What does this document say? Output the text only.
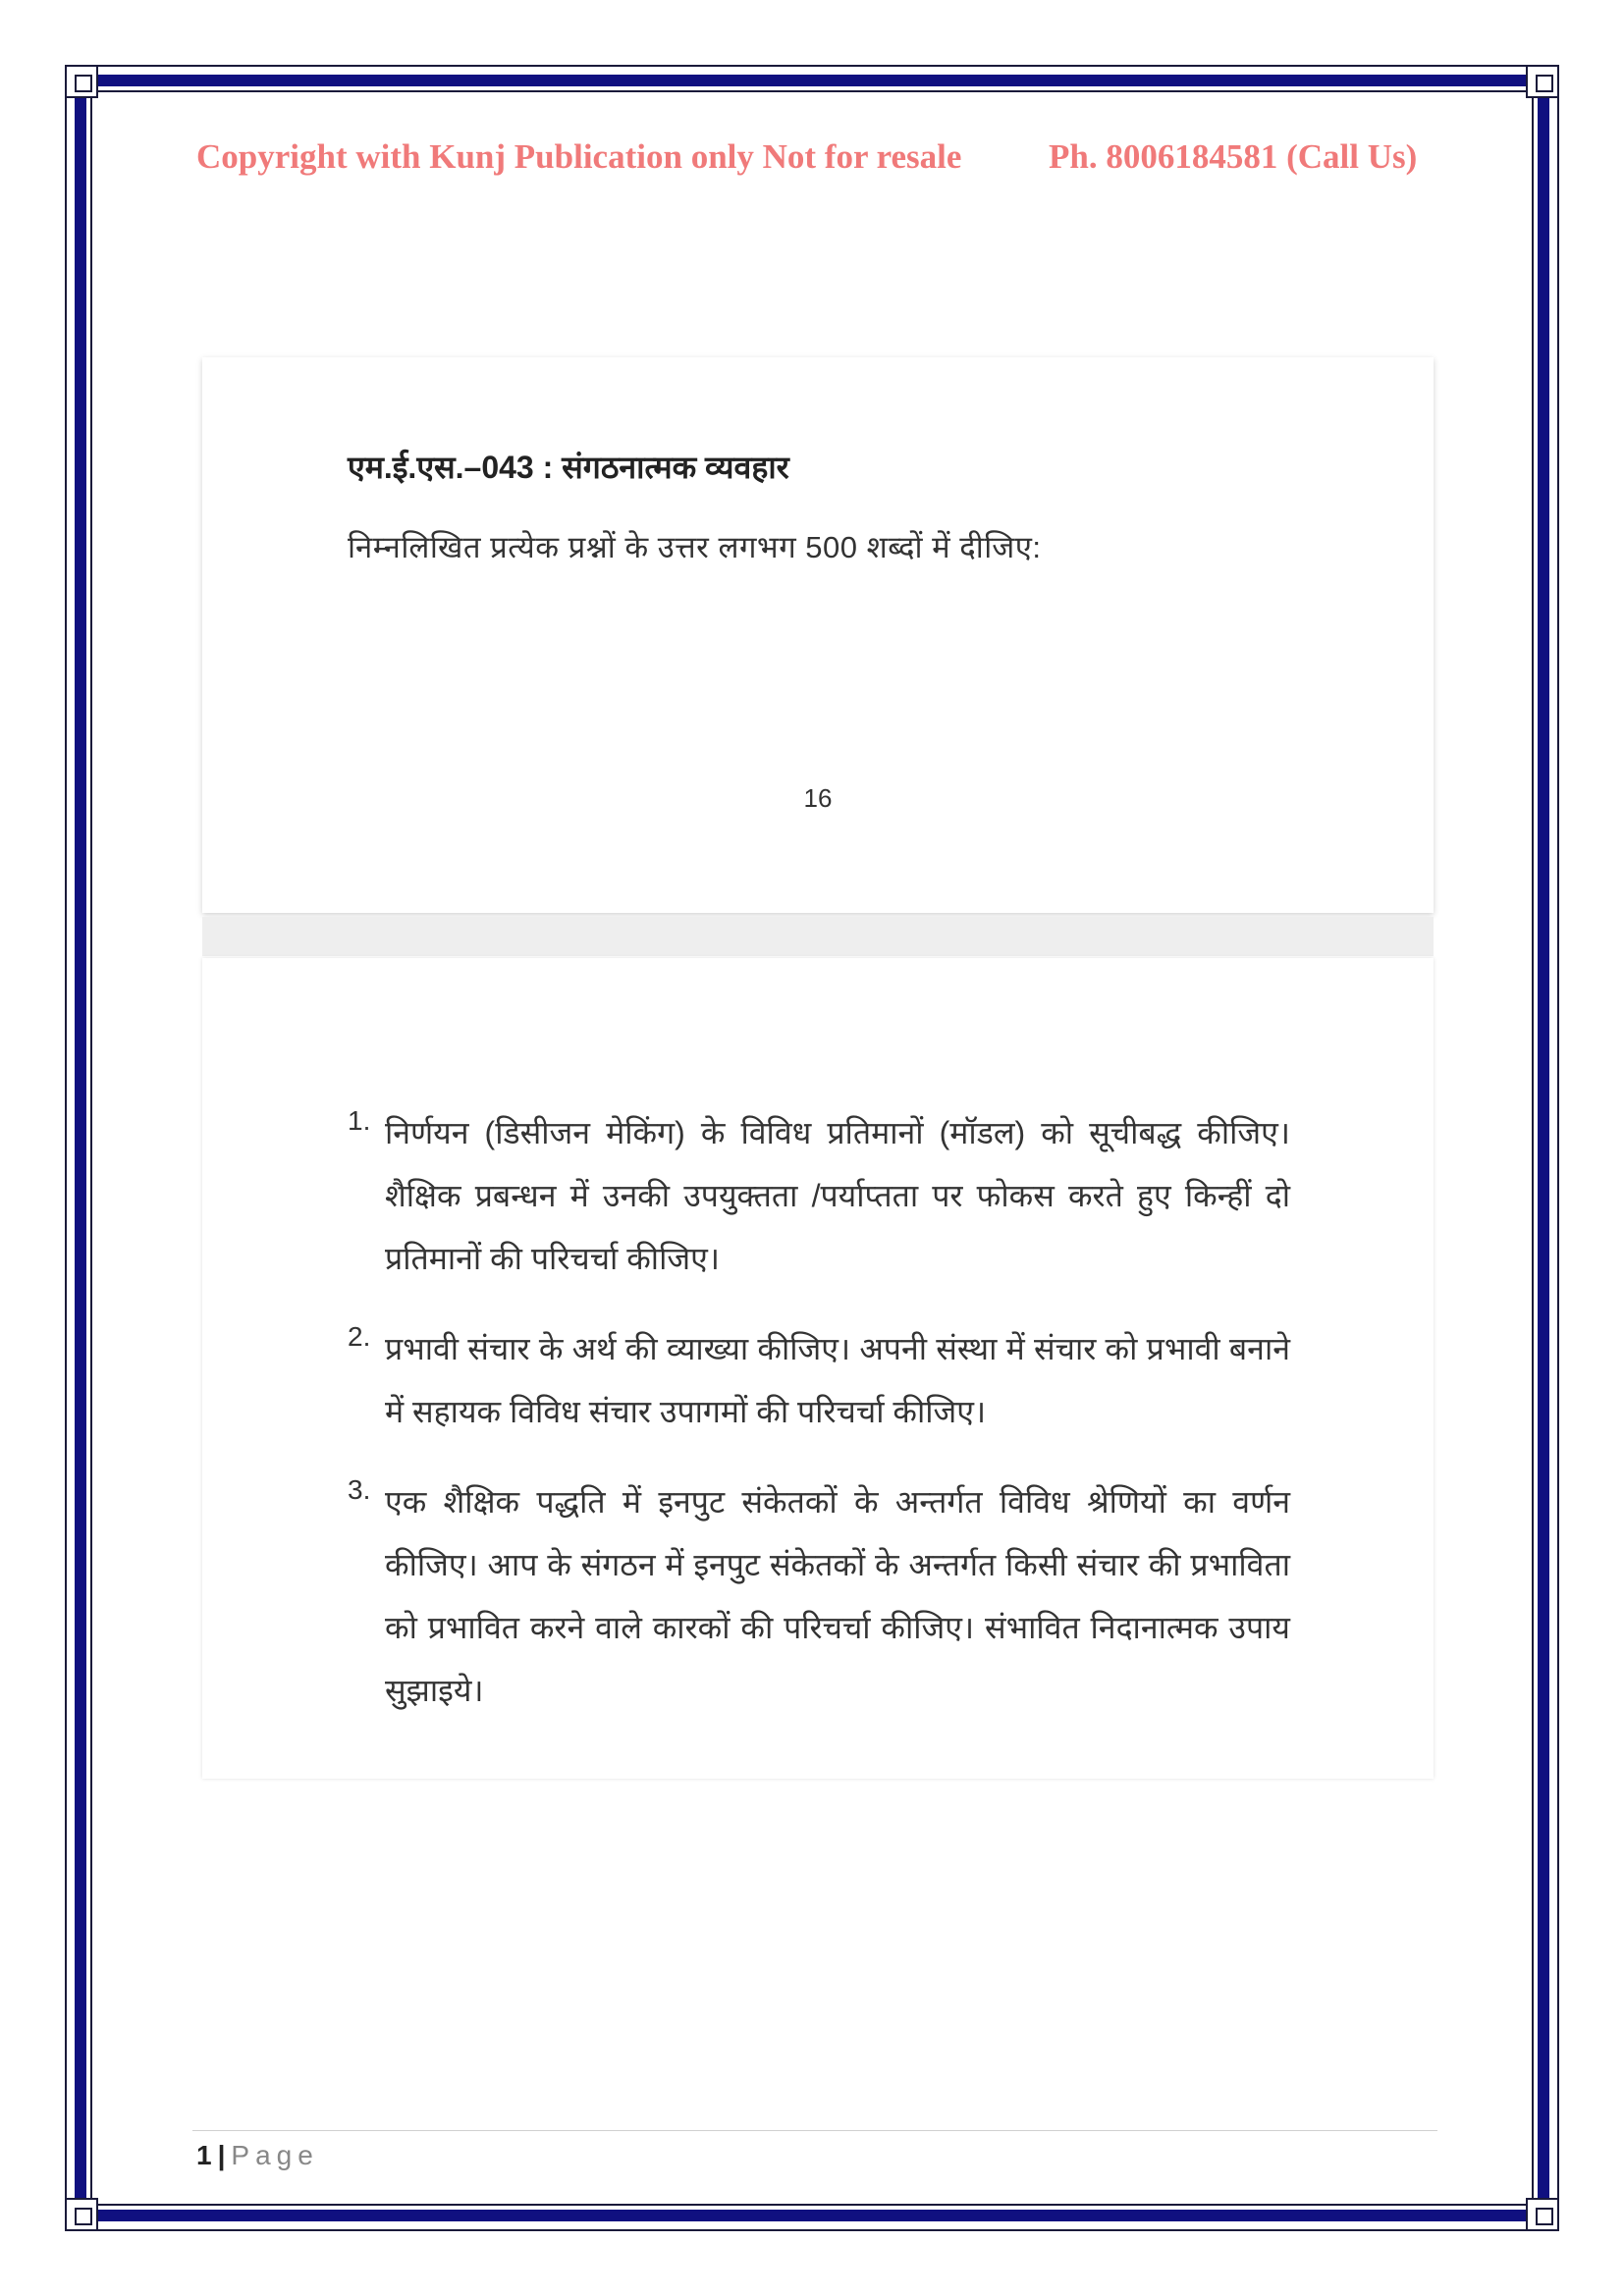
Copyright with Kunj Publication only Not for resale	Ph. 8006184581 (Call Us)
एम.ई.एस.–043 : संगठनात्मक व्यवहार
निम्नलिखित प्रत्येक प्रश्नों के उत्तर लगभग 500 शब्दों में दीजिए:
16
1. निर्णयन (डिसीजन मेकिंग) के विविध प्रतिमानों (मॉडल) को सूचीबद्ध कीजिए। शैक्षिक प्रबन्धन में उनकी उपयुक्तता /पर्याप्तता पर फोकस करते हुए किन्हीं दो प्रतिमानों की परिचर्चा कीजिए।
2. प्रभावी संचार के अर्थ की व्याख्या कीजिए। अपनी संस्था में संचार को प्रभावी बनाने में सहायक विविध संचार उपागमों की परिचर्चा कीजिए।
3. एक शैक्षिक पद्धति में इनपुट संकेतकों के अन्तर्गत विविध श्रेणियों का वर्णन कीजिए। आप के संगठन में इनपुट संकेतकों के अन्तर्गत किसी संचार की प्रभाविता को प्रभावित करने वाले कारकों की परिचर्चा कीजिए। संभावित निदानात्मक उपाय सुझाइये।
1 | Page
